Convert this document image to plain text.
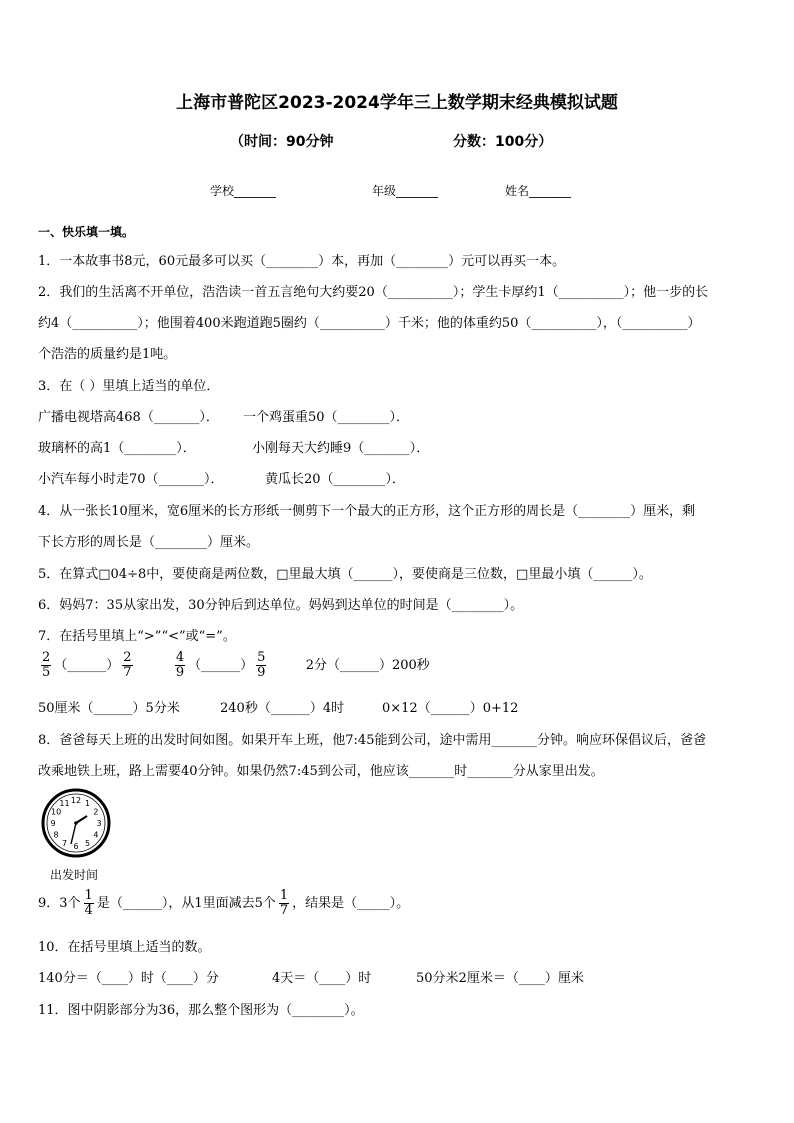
上海市普陀区2023-2024学年三上数学期末经典模拟试题
（时间：90分钟	分数：100分）
学校_______	年级_______	姓名_______
一、快乐填一填。
1．一本故事书8元，60元最多可以买（________）本，再加（________）元可以再买一本。
2．我们的生活离不开单位，浩浩读一首五言绝句大约要20（__________）；学生卡厚约1（__________）；他一步的长
约4（__________）；他围着400米跑道跑5圈约（__________）千米；他的体重约50（__________），（__________）
个浩浩的质量约是1吨。
3．在（ ）里填上适当的单位．
广播电视塔高468（_______）． 一个鸡蛋重50（________）．
玻璃杯的高1（________）．	小刚每天大约睡9（_______）．
小汽车每小时走70（_______）．	黄瓜长20（________）．
4．从一张长10厘米，宽6厘米的长方形纸一侧剪下一个最大的正方形，这个正方形的周长是（________）厘米，剩
下长方形的周长是（________）厘米。
5．在算式□04÷8中，要使商是两位数，□里最大填（______），要使商是三位数，□里最小填（______）。
6．妈妈7：35从家出发，30分钟后到达单位。妈妈到达单位的时间是（________）。
7．在括号里填上“>”“<”或“=”。
$\frac{2}{5}$ （______） $\frac{2}{7}$
	$\frac{4}{9}$ （______） $\frac{5}{9}$	2分（______）200秒
50厘米（______）5分米	240秒（______）4时	0×12（______）0+12
8．爸爸每天上班的出发时间如图。如果开车上班，他7:45能到公司，途中需用_______分钟。响应环保倡议后，爸爸
改乘地铁上班，路上需要40分钟。如果仍然7:45到公司，他应该_______时_______分从家里出发。
12 1
2
3
4
5
6
7
8
9
10
11
出发时间
9．3个 $\frac{1}{4}$ 是（______），从1里面减去5个 $\frac{1}{7}$ ，结果是（_____）。
10．在括号里填上适当的数。
140分＝（____）时（____）分	4天＝（____）时	50分米2厘米＝（____）厘米
11．图中阴影部分为36，那么整个图形为（________）。
